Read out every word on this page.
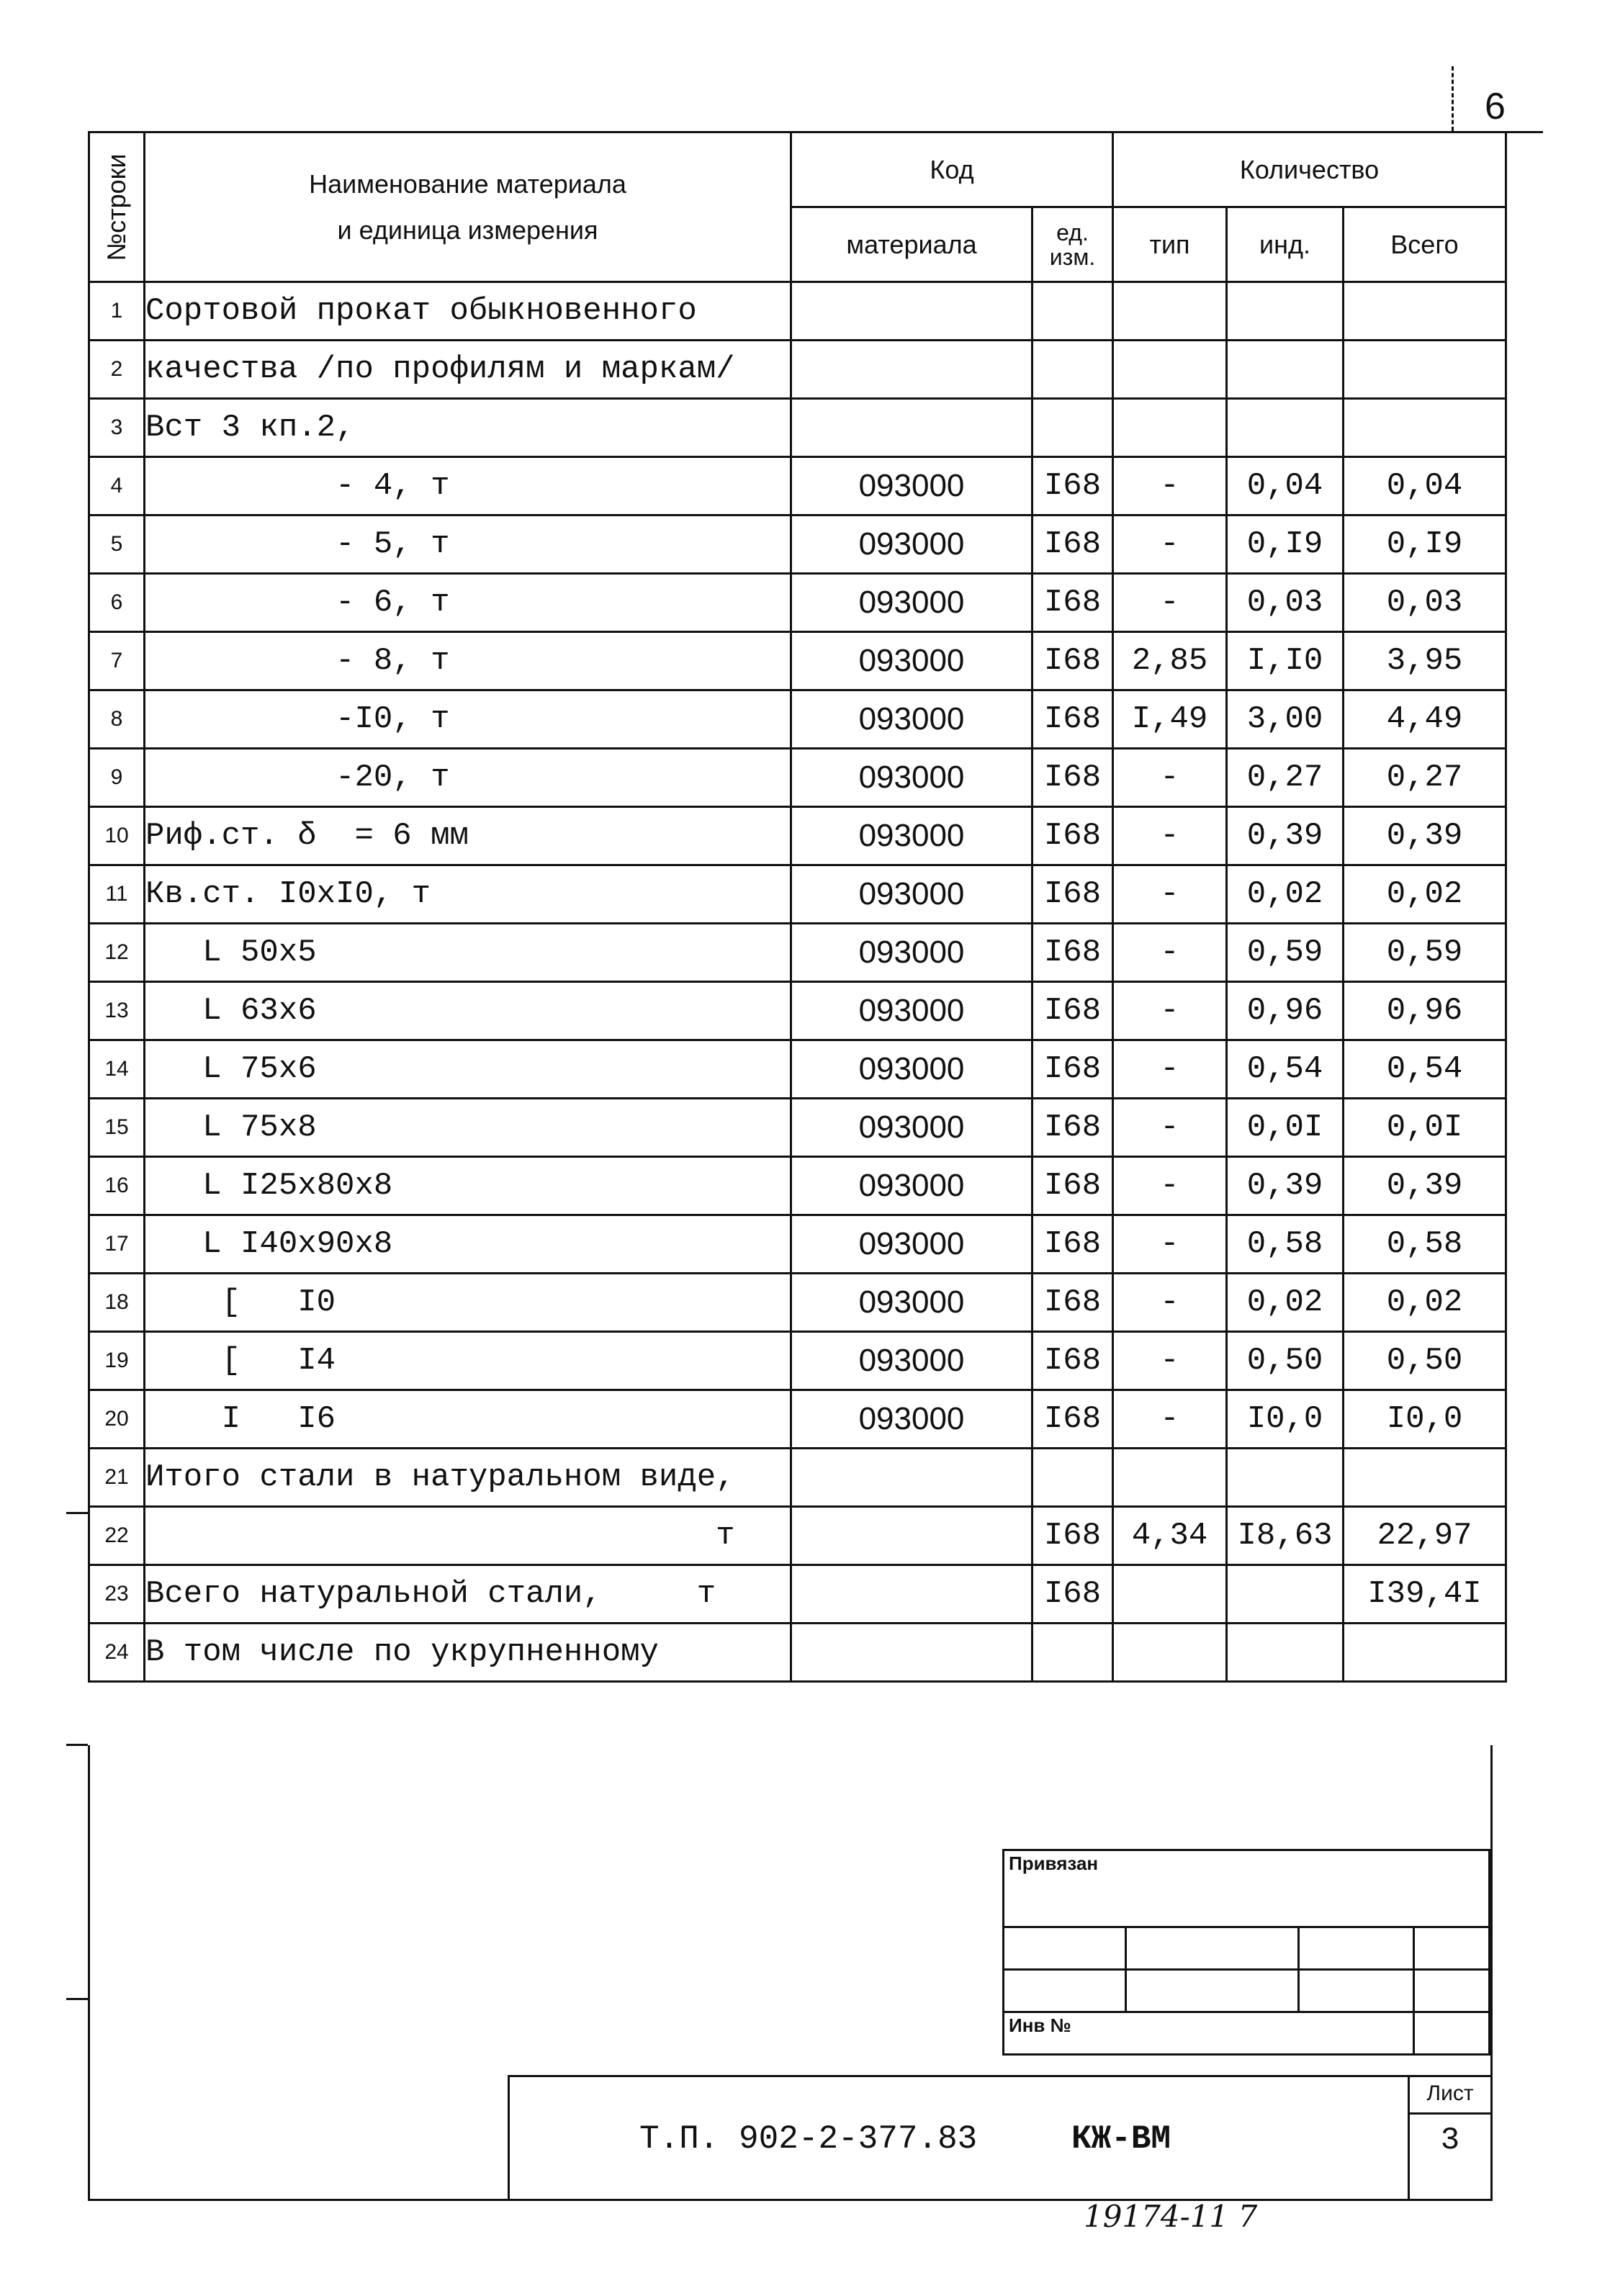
6
№строки	Наименование материала
и единица измерения	Код		Количество		
		материала	ед.
изм.	тип	инд.	Всего
1	Сортовой прокат обыкновенного					
2	качества /по профилям и маркам/					
3	Вст 3 кп.2,					
4	- 4, т	093000	I68	-	0,04	0,04
5	- 5, т	093000	I68	-	0,I9	0,I9
6	- 6, т	093000	I68	-	0,03	0,03
7	- 8, т	093000	I68	2,85	I,I0	3,95
8	-I0, т	093000	I68	I,49	3,00	4,49
9	-20, т	093000	I68	-	0,27	0,27
10	Риф.ст. δ  = 6 мм	093000	I68	-	0,39	0,39
11	Кв.ст. I0xI0, т	093000	I68	-	0,02	0,02
12	L 50x5	093000	I68	-	0,59	0,59
13	L 63x6	093000	I68	-	0,96	0,96
14	L 75x6	093000	I68	-	0,54	0,54
15	L 75x8	093000	I68	-	0,0I	0,0I
16	L I25x80x8	093000	I68	-	0,39	0,39
17	L I40x90x8	093000	I68	-	0,58	0,58
18	[   I0	093000	I68	-	0,02	0,02
19	[   I4	093000	I68	-	0,50	0,50
20	I   I6	093000	I68	-	I0,0	I0,0
21	Итого стали в натуральном виде,					
22	т		I68	4,34	I8,63	22,97
23	Всего натуральной стали,     т		I68			I39,4I
24	В том числе по укрупненному					
Привязан			

Инв №			
Т.П. 902-2-377.83	КЖ-ВМ
Лист
3
19174-11 7
